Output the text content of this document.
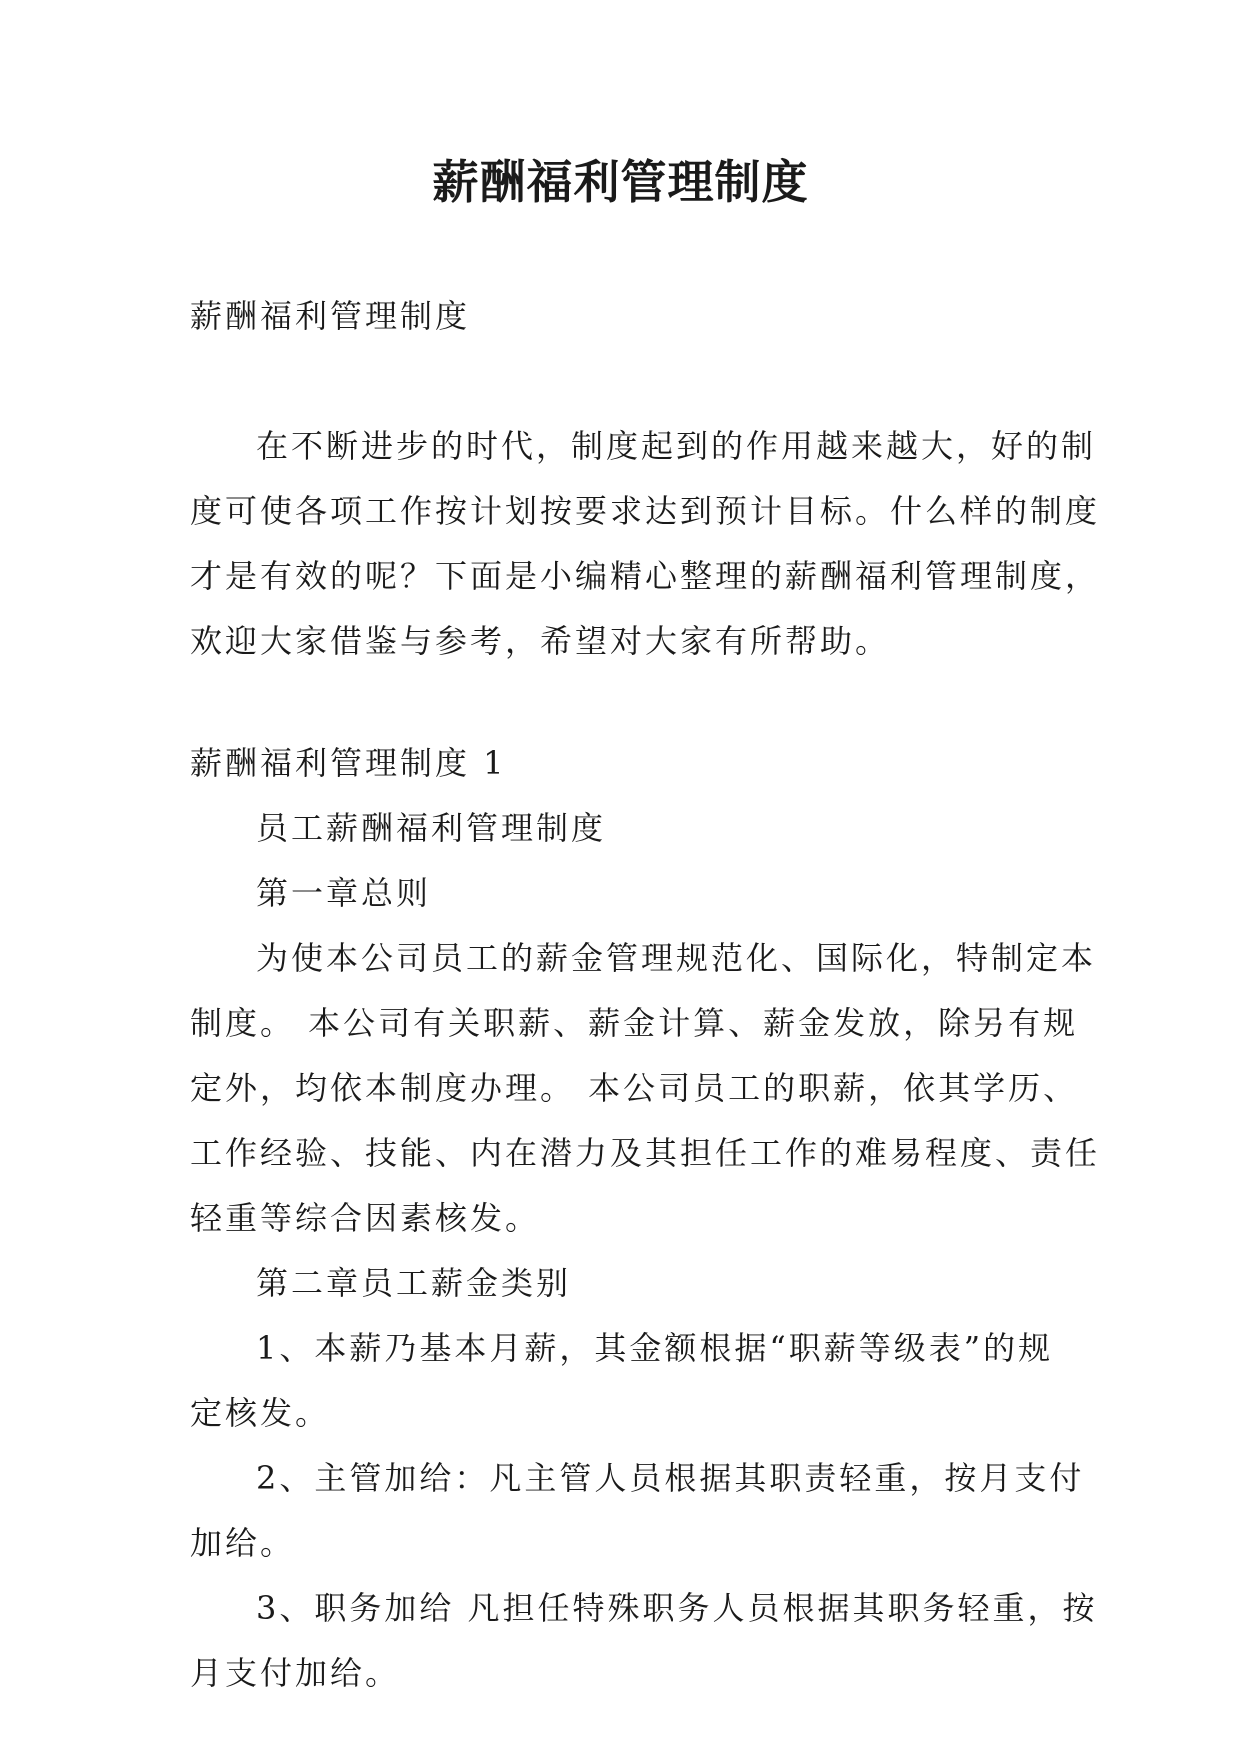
薪酬福利管理制度
薪酬福利管理制度
在不断进步的时代，制度起到的作用越来越大，好的制
度可使各项工作按计划按要求达到预计目标。什么样的制度
才是有效的呢？下面是小编精心整理的薪酬福利管理制度，
欢迎大家借鉴与参考，希望对大家有所帮助。
薪酬福利管理制度 1
员工薪酬福利管理制度
第一章总则
为使本公司员工的薪金管理规范化、国际化，特制定本
制度。 本公司有关职薪、薪金计算、薪金发放，除另有规
定外，均依本制度办理。 本公司员工的职薪，依其学历、
工作经验、技能、内在潜力及其担任工作的难易程度、责任
轻重等综合因素核发。
第二章员工薪金类别
1、本薪乃基本月薪，其金额根据“职薪等级表”的规
定核发。
2、主管加给：凡主管人员根据其职责轻重，按月支付
加给。
3、职务加给 凡担任特殊职务人员根据其职务轻重，按
月支付加给。
